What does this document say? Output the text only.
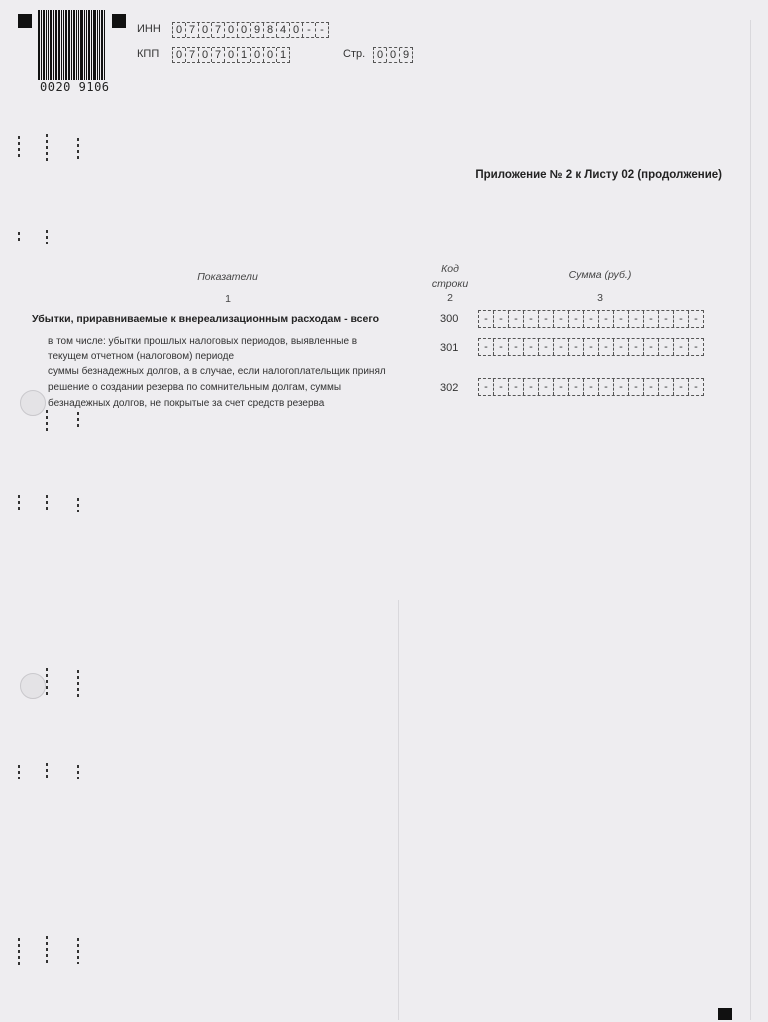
0020 9106
ИНН 0 7 0 7 0 0 9 8 4 0 - -
КПП 0 7 0 7 0 1 0 0 1	Стр. 0 0 9
Приложение № 2 к Листу 02 (продолжение)
Показатели
Код
строки
Сумма (руб.)
1	2	3
Убытки, приравниваемые к внереализационным расходам - всего	300	-	-	-	-	-	-	-	-	-	-	-	-	-	-	-
в том числе: убытки прошлых налоговых периодов, выявленные в
текущем отчетном (налоговом) периоде
301	-	-	-	-	-	-	-	-	-	-	-	-	-	-	-
суммы безнадежных долгов, а в случае, если налогоплательщик принял
решение о создании резерва по сомнительным долгам, суммы
безнадежных долгов, не покрытые за счет средств резерва
302	-	-	-	-	-	-	-	-	-	-	-	-	-	-	-
